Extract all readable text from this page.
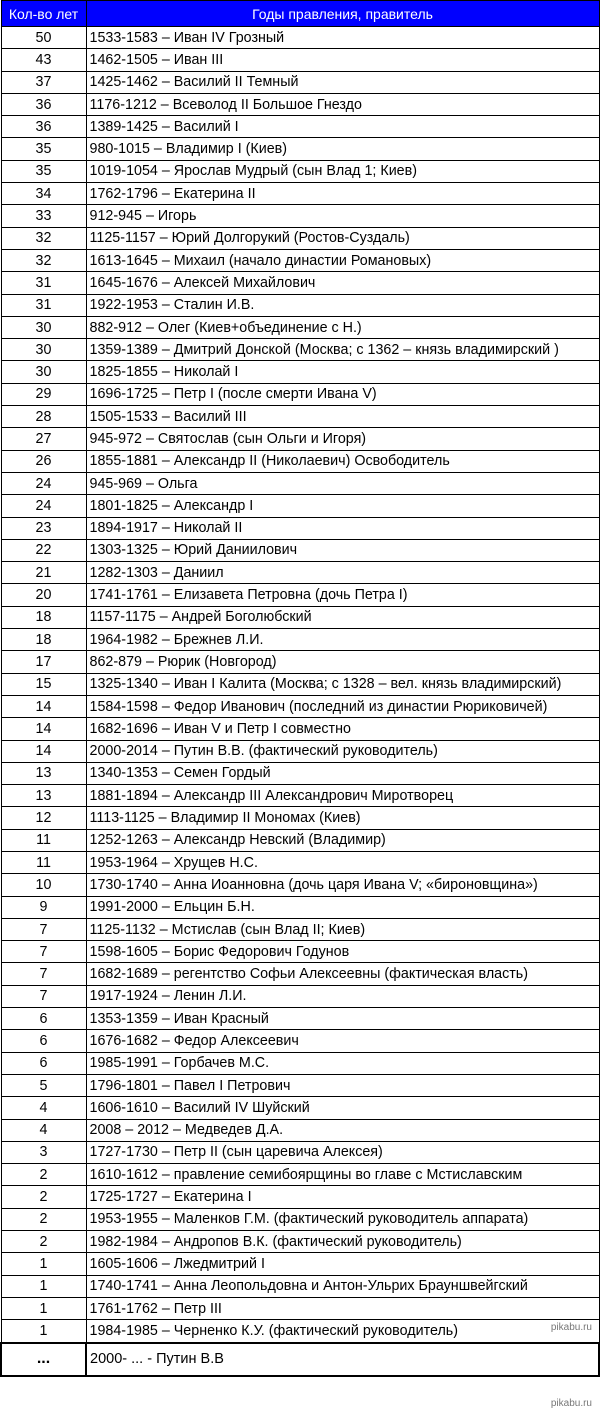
Кол-во лет	Годы правления, правитель
50	1533-1583 – Иван IV Грозный
43	1462-1505 – Иван III
37	1425-1462 – Василий II Темный
36	1176-1212 – Всеволод II Большое Гнездо
36	1389-1425 – Василий I
35	980-1015 – Владимир I (Киев)
35	1019-1054 – Ярослав Мудрый (сын Влад 1; Киев)
34	1762-1796 – Екатерина II
33	912-945 – Игорь
32	1125-1157 – Юрий Долгорукий (Ростов-Суздаль)
32	1613-1645 – Михаил (начало династии Романовых)
31	1645-1676 – Алексей Михайлович
31	1922-1953 – Сталин И.В.
30	882-912 – Олег (Киев+объединение с Н.)
30	1359-1389 – Дмитрий Донской (Москва; с 1362 – князь владимирский )
30	1825-1855 – Николай I
29	1696-1725 – Петр I (после смерти Ивана V)
28	1505-1533 – Василий III
27	945-972 – Святослав (сын Ольги и Игоря)
26	1855-1881 – Александр II (Николаевич) Освободитель
24	945-969 – Ольга
24	1801-1825 – Александр I
23	1894-1917 – Николай II
22	1303-1325 – Юрий Даниилович
21	1282-1303 – Даниил
20	1741-1761 – Елизавета Петровна (дочь Петра I)
18	1157-1175 – Андрей Боголюбский
18	1964-1982 – Брежнев Л.И.
17	862-879 – Рюрик (Новгород)
15	1325-1340 – Иван I Калита (Москва; с 1328 – вел. князь владимирский)
14	1584-1598 – Федор Иванович (последний из династии Рюриковичей)
14	1682-1696 – Иван V и Петр I совместно
14	2000-2014 – Путин В.В. (фактический руководитель)
13	1340-1353 – Семен Гордый
13	1881-1894 – Александр III Александрович Миротворец
12	1113-1125 – Владимир II Мономах (Киев)
11	1252-1263 – Александр Невский (Владимир)
11	1953-1964 – Хрущев Н.С.
10	1730-1740 – Анна Иоанновна (дочь царя Ивана V; «бироновщина»)
9	1991-2000 – Ельцин Б.Н.
7	1125-1132 – Мстислав (сын Влад II; Киев)
7	1598-1605 – Борис Федорович Годунов
7	1682-1689 – регентство Софьи Алексеевны (фактическая власть)
7	1917-1924 – Ленин Л.И.
6	1353-1359 – Иван Красный
6	1676-1682 – Федор Алексеевич
6	1985-1991 – Горбачев М.С.
5	1796-1801 – Павел I Петрович
4	1606-1610 – Василий IV Шуйский
4	2008 – 2012 – Медведев Д.А.
3	1727-1730 – Петр II (сын царевича Алексея)
2	1610-1612 – правление семибоярщины во главе с Мстиславским
2	1725-1727 – Екатерина I
2	1953-1955 – Маленков Г.М. (фактический руководитель аппарата)
2	1982-1984 – Андропов В.К. (фактический руководитель)
1	1605-1606 – Лжедмитрий I
1	1740-1741 – Анна Леопольдовна и Антон-Ульрих Брауншвейгский
1	1761-1762 – Петр III
1	1984-1985 – Черненко К.У. (фактический руководитель)
...	2000- ... - Путин В.В
pikabu.ru
pikabu.ru
